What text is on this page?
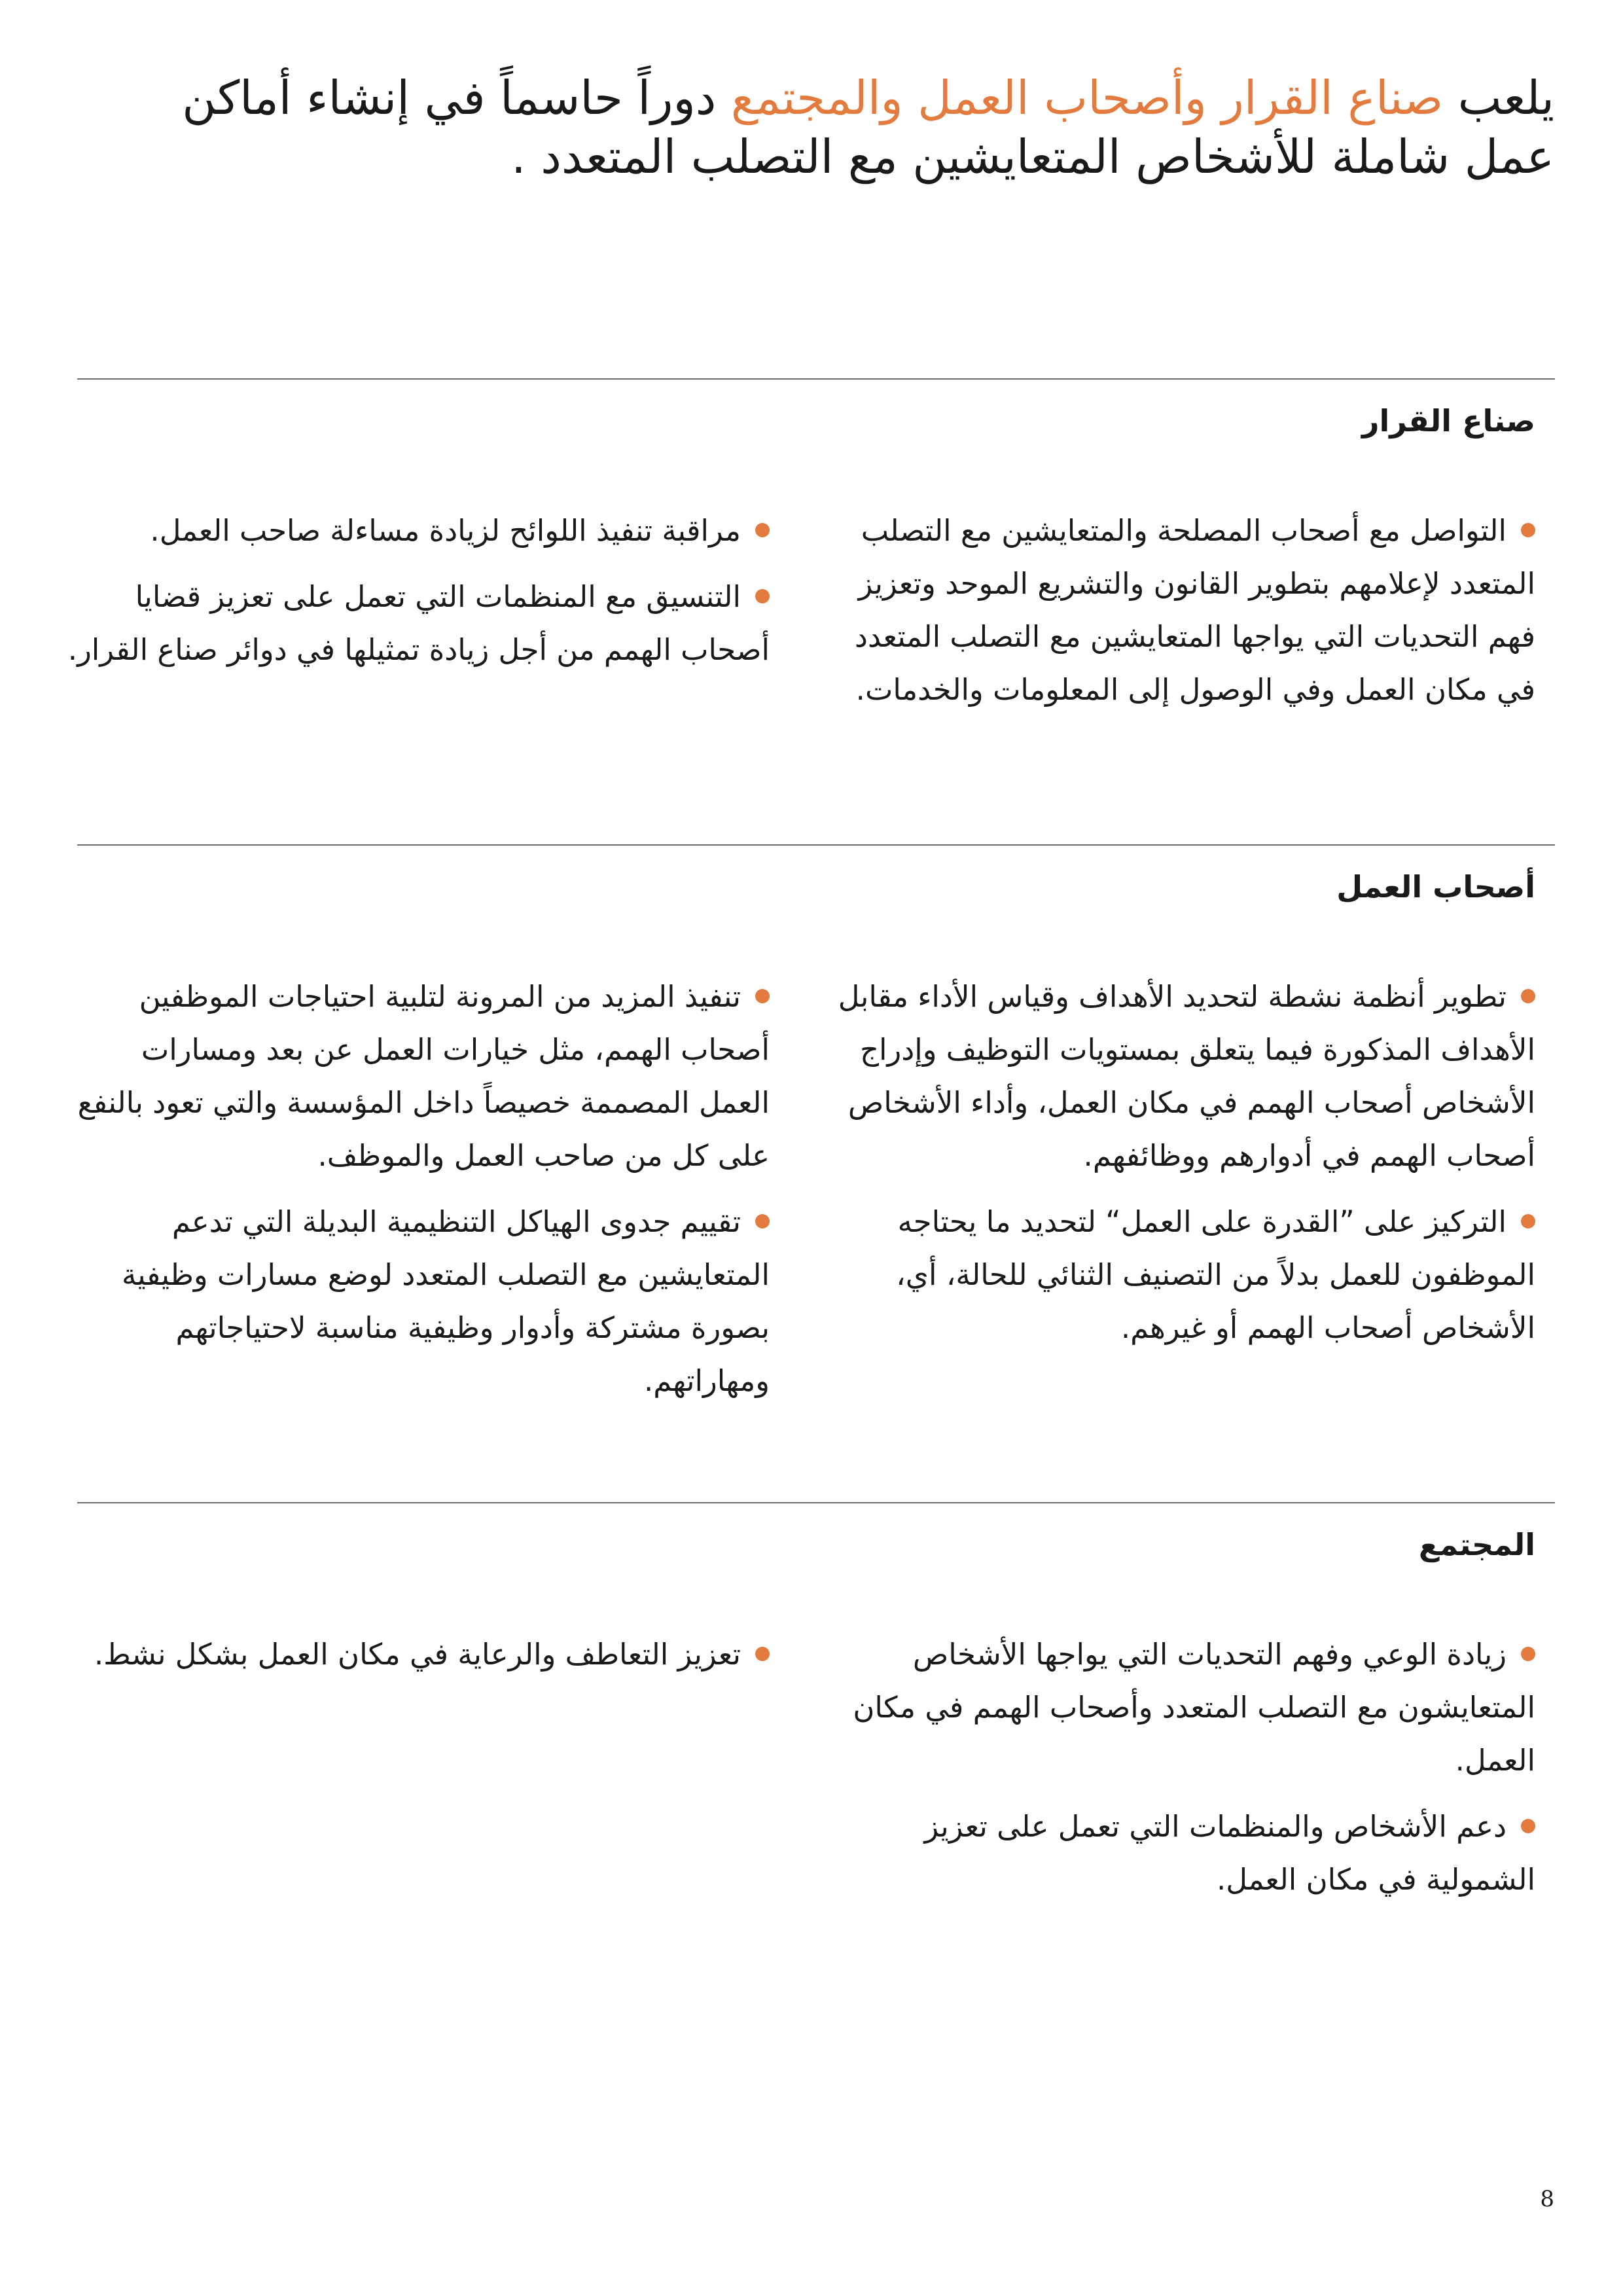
يلعب صناع القرار وأصحاب العمل والمجتمع دوراً حاسماً في إنشاء أماكن عمل شاملة للأشخاص المتعايشين مع التصلب المتعدد .
صناع القرار
التواصل مع أصحاب المصلحة والمتعايشين مع التصلب المتعدد لإعلامهم بتطوير القانون والتشريع الموحد وتعزيز فهم التحديات التي يواجها المتعايشين مع التصلب المتعدد في مكان العمل وفي الوصول إلى المعلومات والخدمات.
مراقبة تنفيذ اللوائح لزيادة مساءلة صاحب العمل.
التنسيق مع المنظمات التي تعمل على تعزيز قضايا أصحاب الهمم من أجل زيادة تمثيلها في دوائر صناع القرار.
أصحاب العمل
تطوير أنظمة نشطة لتحديد الأهداف وقياس الأداء مقابل الأهداف المذكورة فيما يتعلق بمستويات التوظيف وإدراج الأشخاص أصحاب الهمم في مكان العمل، وأداء الأشخاص أصحاب الهمم في أدوارهم ووظائفهم.
التركيز على ”القدرة على العمل“ لتحديد ما يحتاجه الموظفون للعمل بدلاً من التصنيف الثنائي للحالة، أي، الأشخاص أصحاب الهمم أو غيرهم.
تنفيذ المزيد من المرونة لتلبية احتياجات الموظفين أصحاب الهمم، مثل خيارات العمل عن بعد ومسارات العمل المصممة خصيصاً داخل المؤسسة والتي تعود بالنفع على كل من صاحب العمل والموظف.
تقييم جدوى الهياكل التنظيمية البديلة التي تدعم المتعايشين مع التصلب المتعدد لوضع مسارات وظيفية بصورة مشتركة وأدوار وظيفية مناسبة لاحتياجاتهم ومهاراتهم.
المجتمع
زيادة الوعي وفهم التحديات التي يواجها الأشخاص المتعايشون مع التصلب المتعدد وأصحاب الهمم في مكان العمل.
دعم الأشخاص والمنظمات التي تعمل على تعزيز الشمولية في مكان العمل.
تعزيز التعاطف والرعاية في مكان العمل بشكل نشط.
8
